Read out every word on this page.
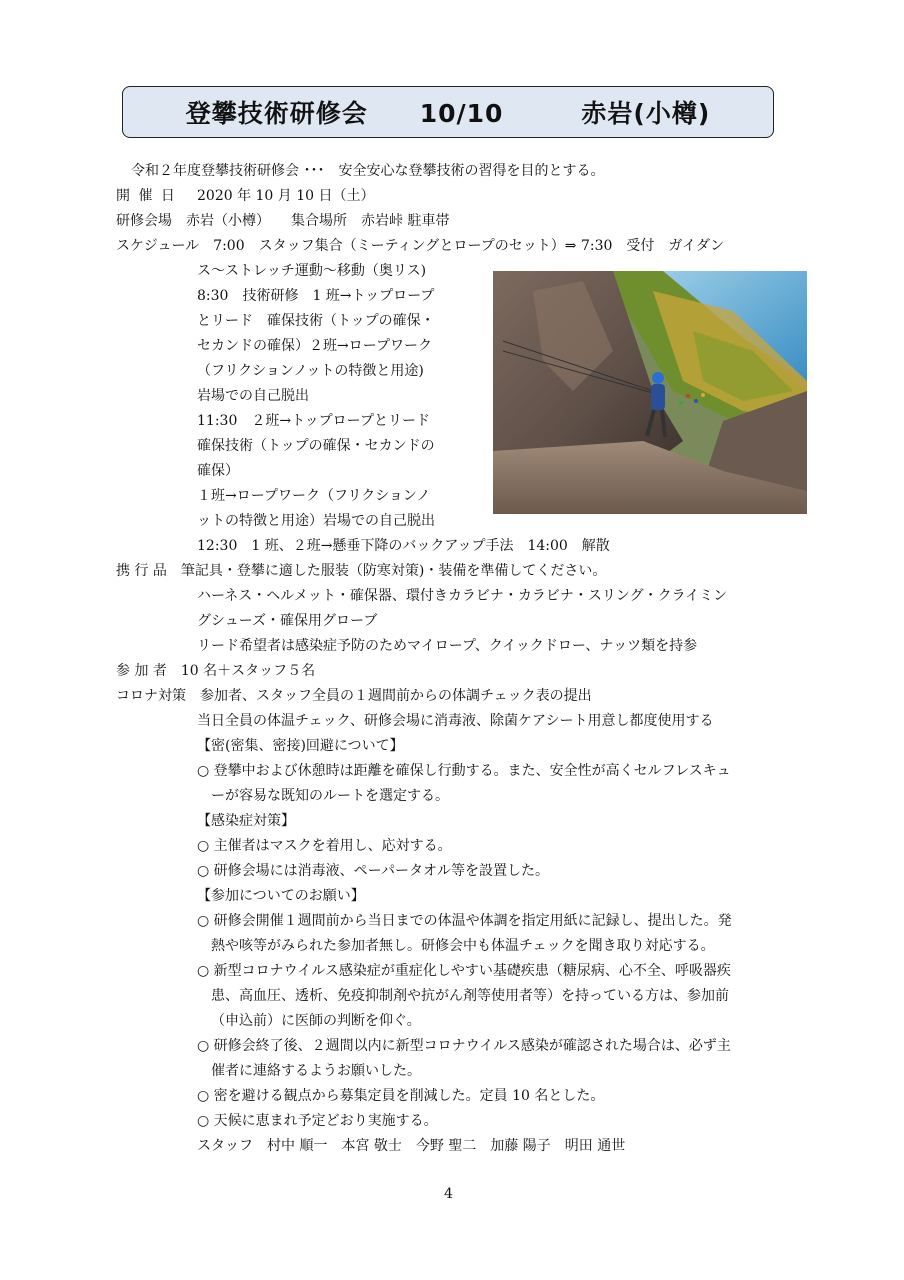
登攀技術研修会　　10/10　　　赤岩(小樽)
令和２年度登攀技術研修会 ･･･　安全安心な登攀技術の習得を目的とする。
開 催 日 2020 年 10 月 10 日（土）
研修会場　赤岩（小樽）　　集合場所　赤岩峠 駐車帯
スケジュール　7:00　スタッフ集合（ミーティングとロープのセット）⇒ 7:30　受付　ガイダン
ス～ストレッチ運動～移動（奥リス)
8:30　技術研修　1 班→トップロープ
とリード　確保技術（トップの確保・
セカンドの確保）２班→ロープワーク
（フリクションノットの特徴と用途)
岩場での自己脱出
11:30　２班→トップロープとリード
確保技術（トップの確保・セカンドの
確保）
１班→ロープワーク（フリクションノ
ットの特徴と用途）岩場での自己脱出
12:30　1 班、２班→懸垂下降のバックアップ手法　14:00　解散
携 行 品　筆記具・登攀に適した服装（防寒対策)・装備を準備してください。
ハーネス・ヘルメット・確保器、環付きカラビナ・カラビナ・スリング・クライミン
グシューズ・確保用グローブ
リード希望者は感染症予防のためマイロープ、クイックドロー、ナッツ類を持参
参 加 者　10 名＋スタッフ５名
コロナ対策　参加者、スタッフ全員の１週間前からの体調チェック表の提出
当日全員の体温チェック、研修会場に消毒液、除菌ケアシート用意し都度使用する
【密(密集、密接)回避について】
○ 登攀中および休憩時は距離を確保し行動する。また、安全性が高くセルフレスキュ
ーが容易な既知のルートを選定する。
【感染症対策】
○ 主催者はマスクを着用し、応対する。
○ 研修会場には消毒液、ペーパータオル等を設置した。
【参加についてのお願い】
○ 研修会開催１週間前から当日までの体温や体調を指定用紙に記録し、提出した。発
熱や咳等がみられた参加者無し。研修会中も体温チェックを聞き取り対応する。
○ 新型コロナウイルス感染症が重症化しやすい基礎疾患（糖尿病、心不全、呼吸器疾
患、高血圧、透析、免疫抑制剤や抗がん剤等使用者等）を持っている方は、参加前
（申込前）に医師の判断を仰ぐ。
○ 研修会終了後、２週間以内に新型コロナウイルス感染が確認された場合は、必ず主
催者に連絡するようお願いした。
○ 密を避ける観点から募集定員を削減した。定員 10 名とした。
○ 天候に恵まれ予定どおり実施する。
スタッフ　村中 順一　本宮 敬士　今野 聖二　加藤 陽子　明田 通世
4
